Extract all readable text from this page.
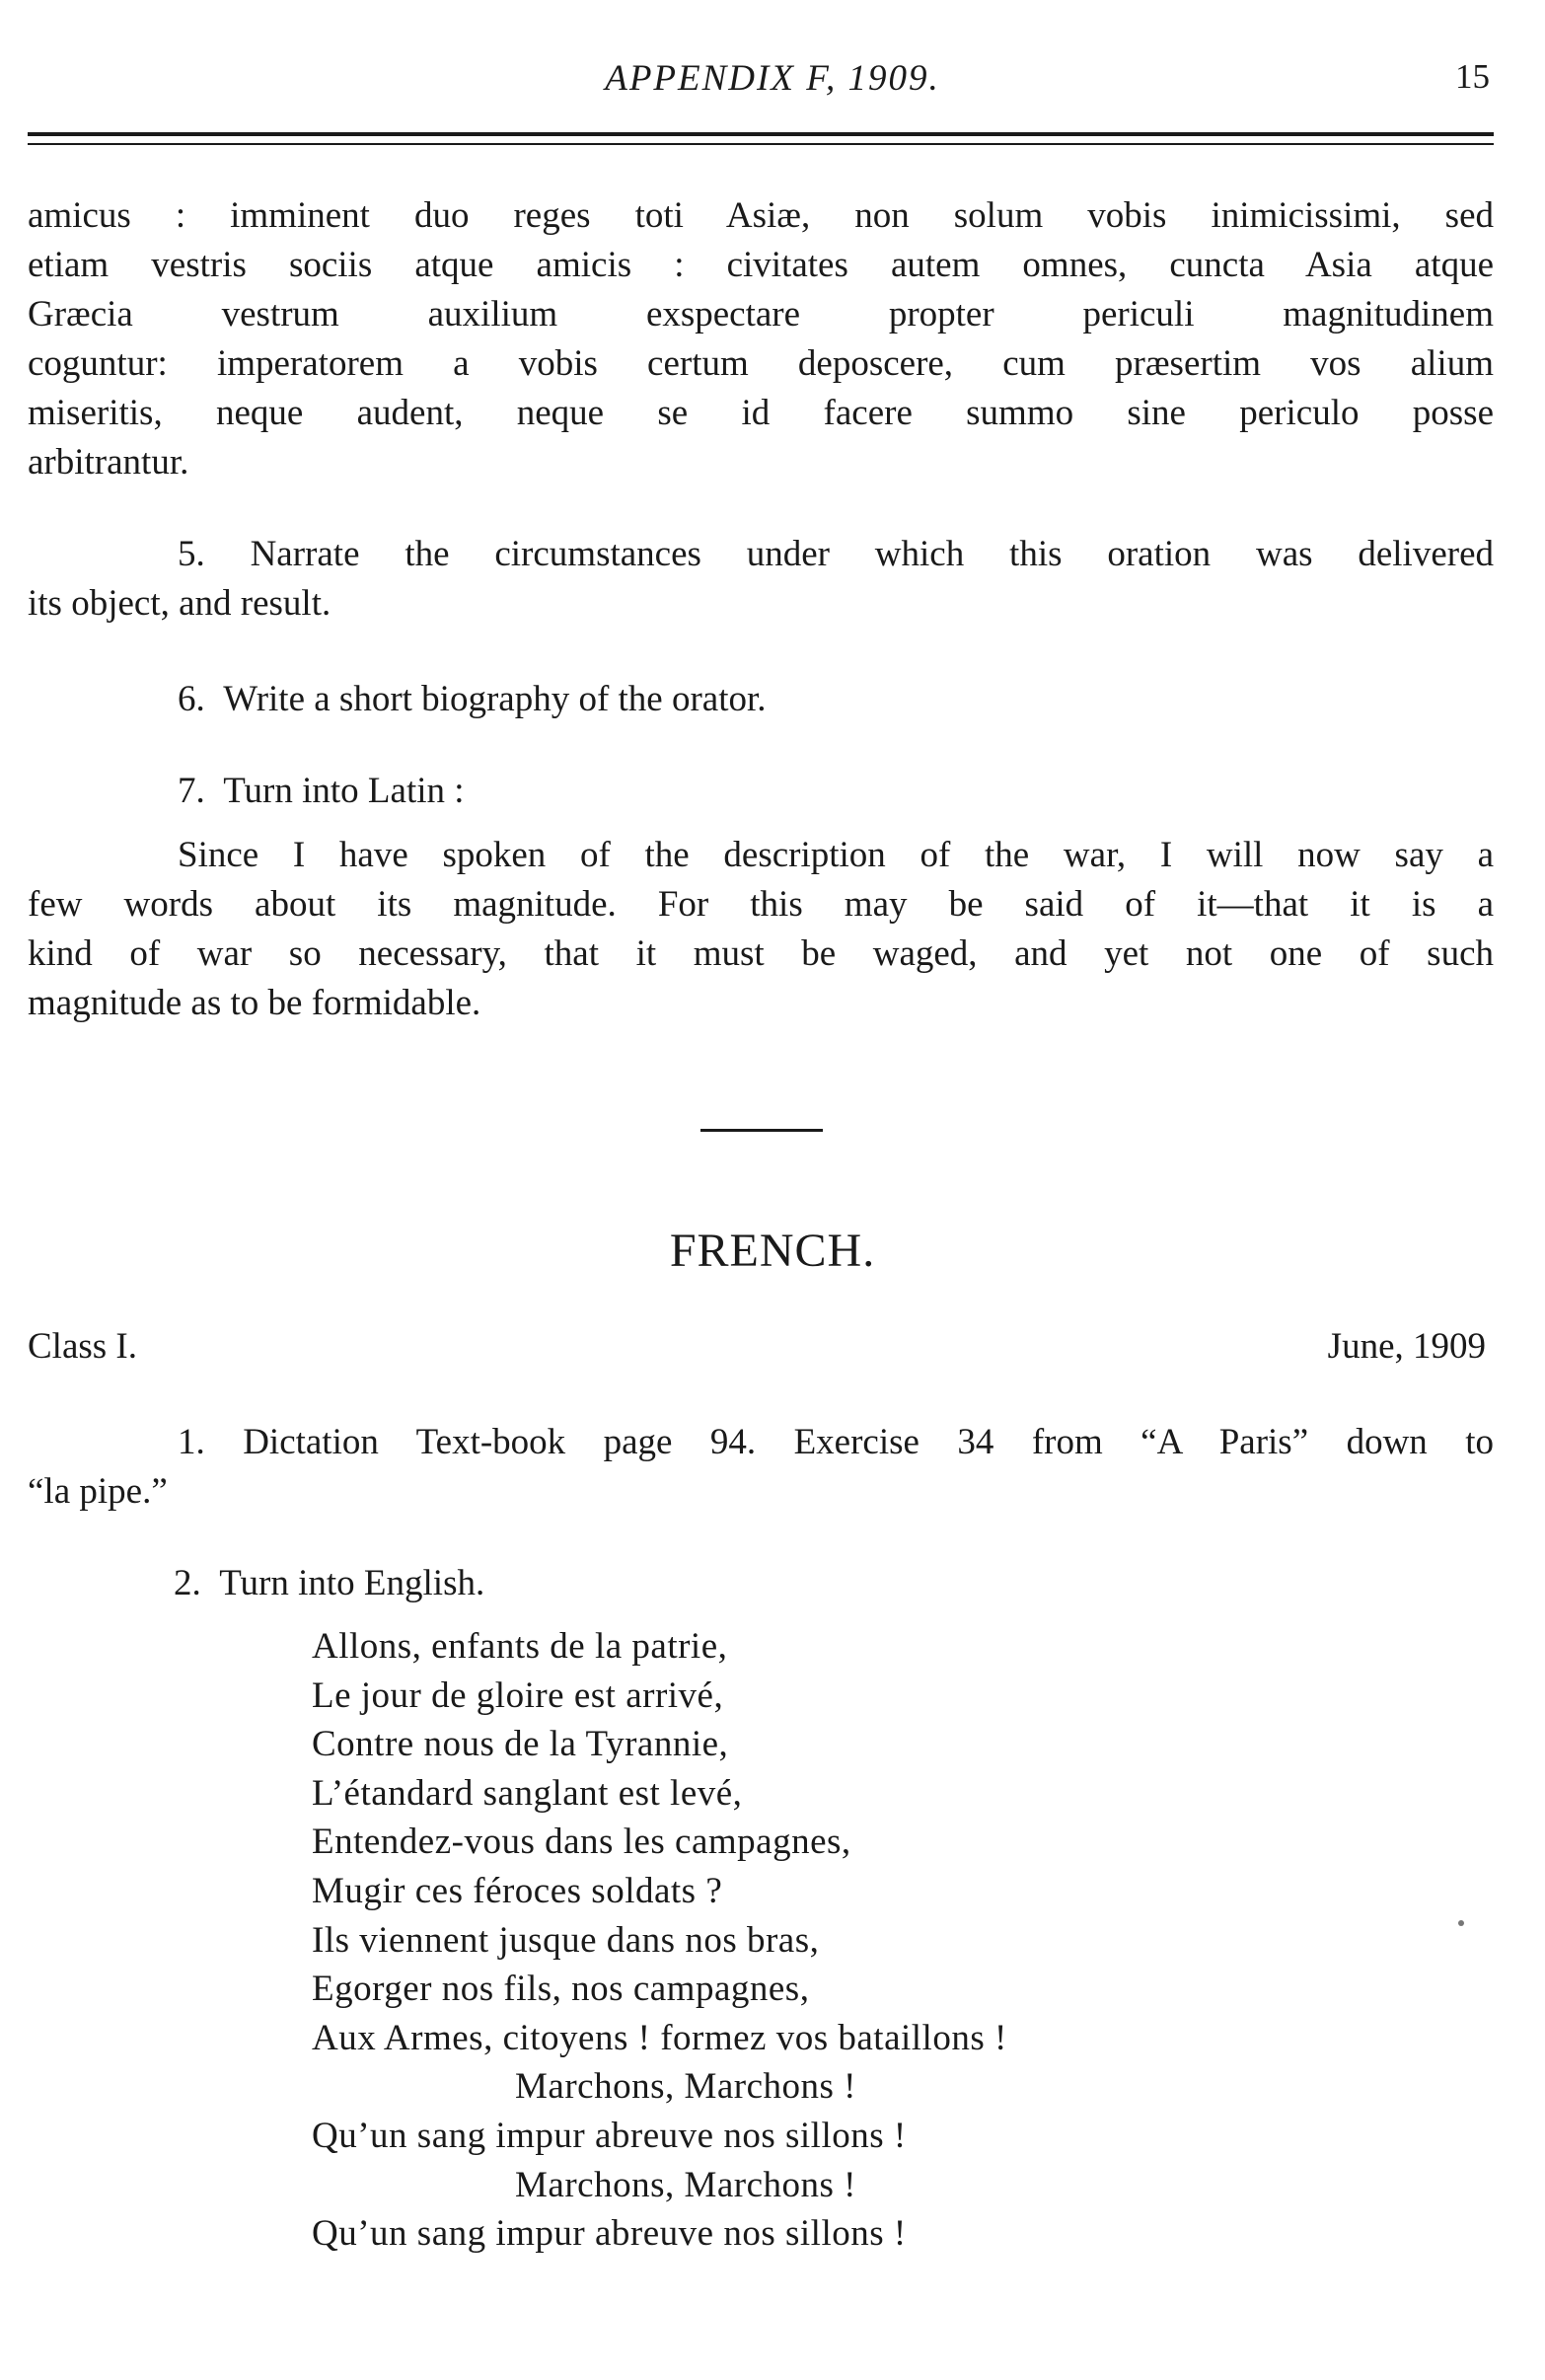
APPENDIX F, 1909.	15
amicus : imminent duo reges toti Asiæ, non solum vobis inimicissimi, sed
etiam vestris sociis atque amicis : civitates autem omnes, cuncta Asia atque
Græcia vestrum auxilium exspectare propter periculi magnitudinem
coguntur: imperatorem a vobis certum deposcere, cum præsertim vos alium
miseritis, neque audent, neque se id facere summo sine periculo posse
arbitrantur.
5. Narrate the circumstances under which this oration was delivered
its object, and result.
6. Write a short biography of the orator.
7. Turn into Latin :
Since I have spoken of the description of the war, I will now say a
few words about its magnitude. For this may be said of it—that it is a
kind of war so necessary, that it must be waged, and yet not one of such
magnitude as to be formidable.
FRENCH.
Class I.	June, 1909
1. Dictation Text-book page 94. Exercise 34 from “A Paris” down to
“la pipe.”
2. Turn into English.
Allons, enfants de la patrie,
Le jour de gloire est arrivé,
Contre nous de la Tyrannie,
L’étandard sanglant est levé,
Entendez-vous dans les campagnes,
Mugir ces féroces soldats ?
Ils viennent jusque dans nos bras,
Egorger nos fils, nos campagnes,
Aux Armes, citoyens ! formez vos bataillons !
Marchons, Marchons !
Qu’un sang impur abreuve nos sillons !
Marchons, Marchons !
Qu’un sang impur abreuve nos sillons !
